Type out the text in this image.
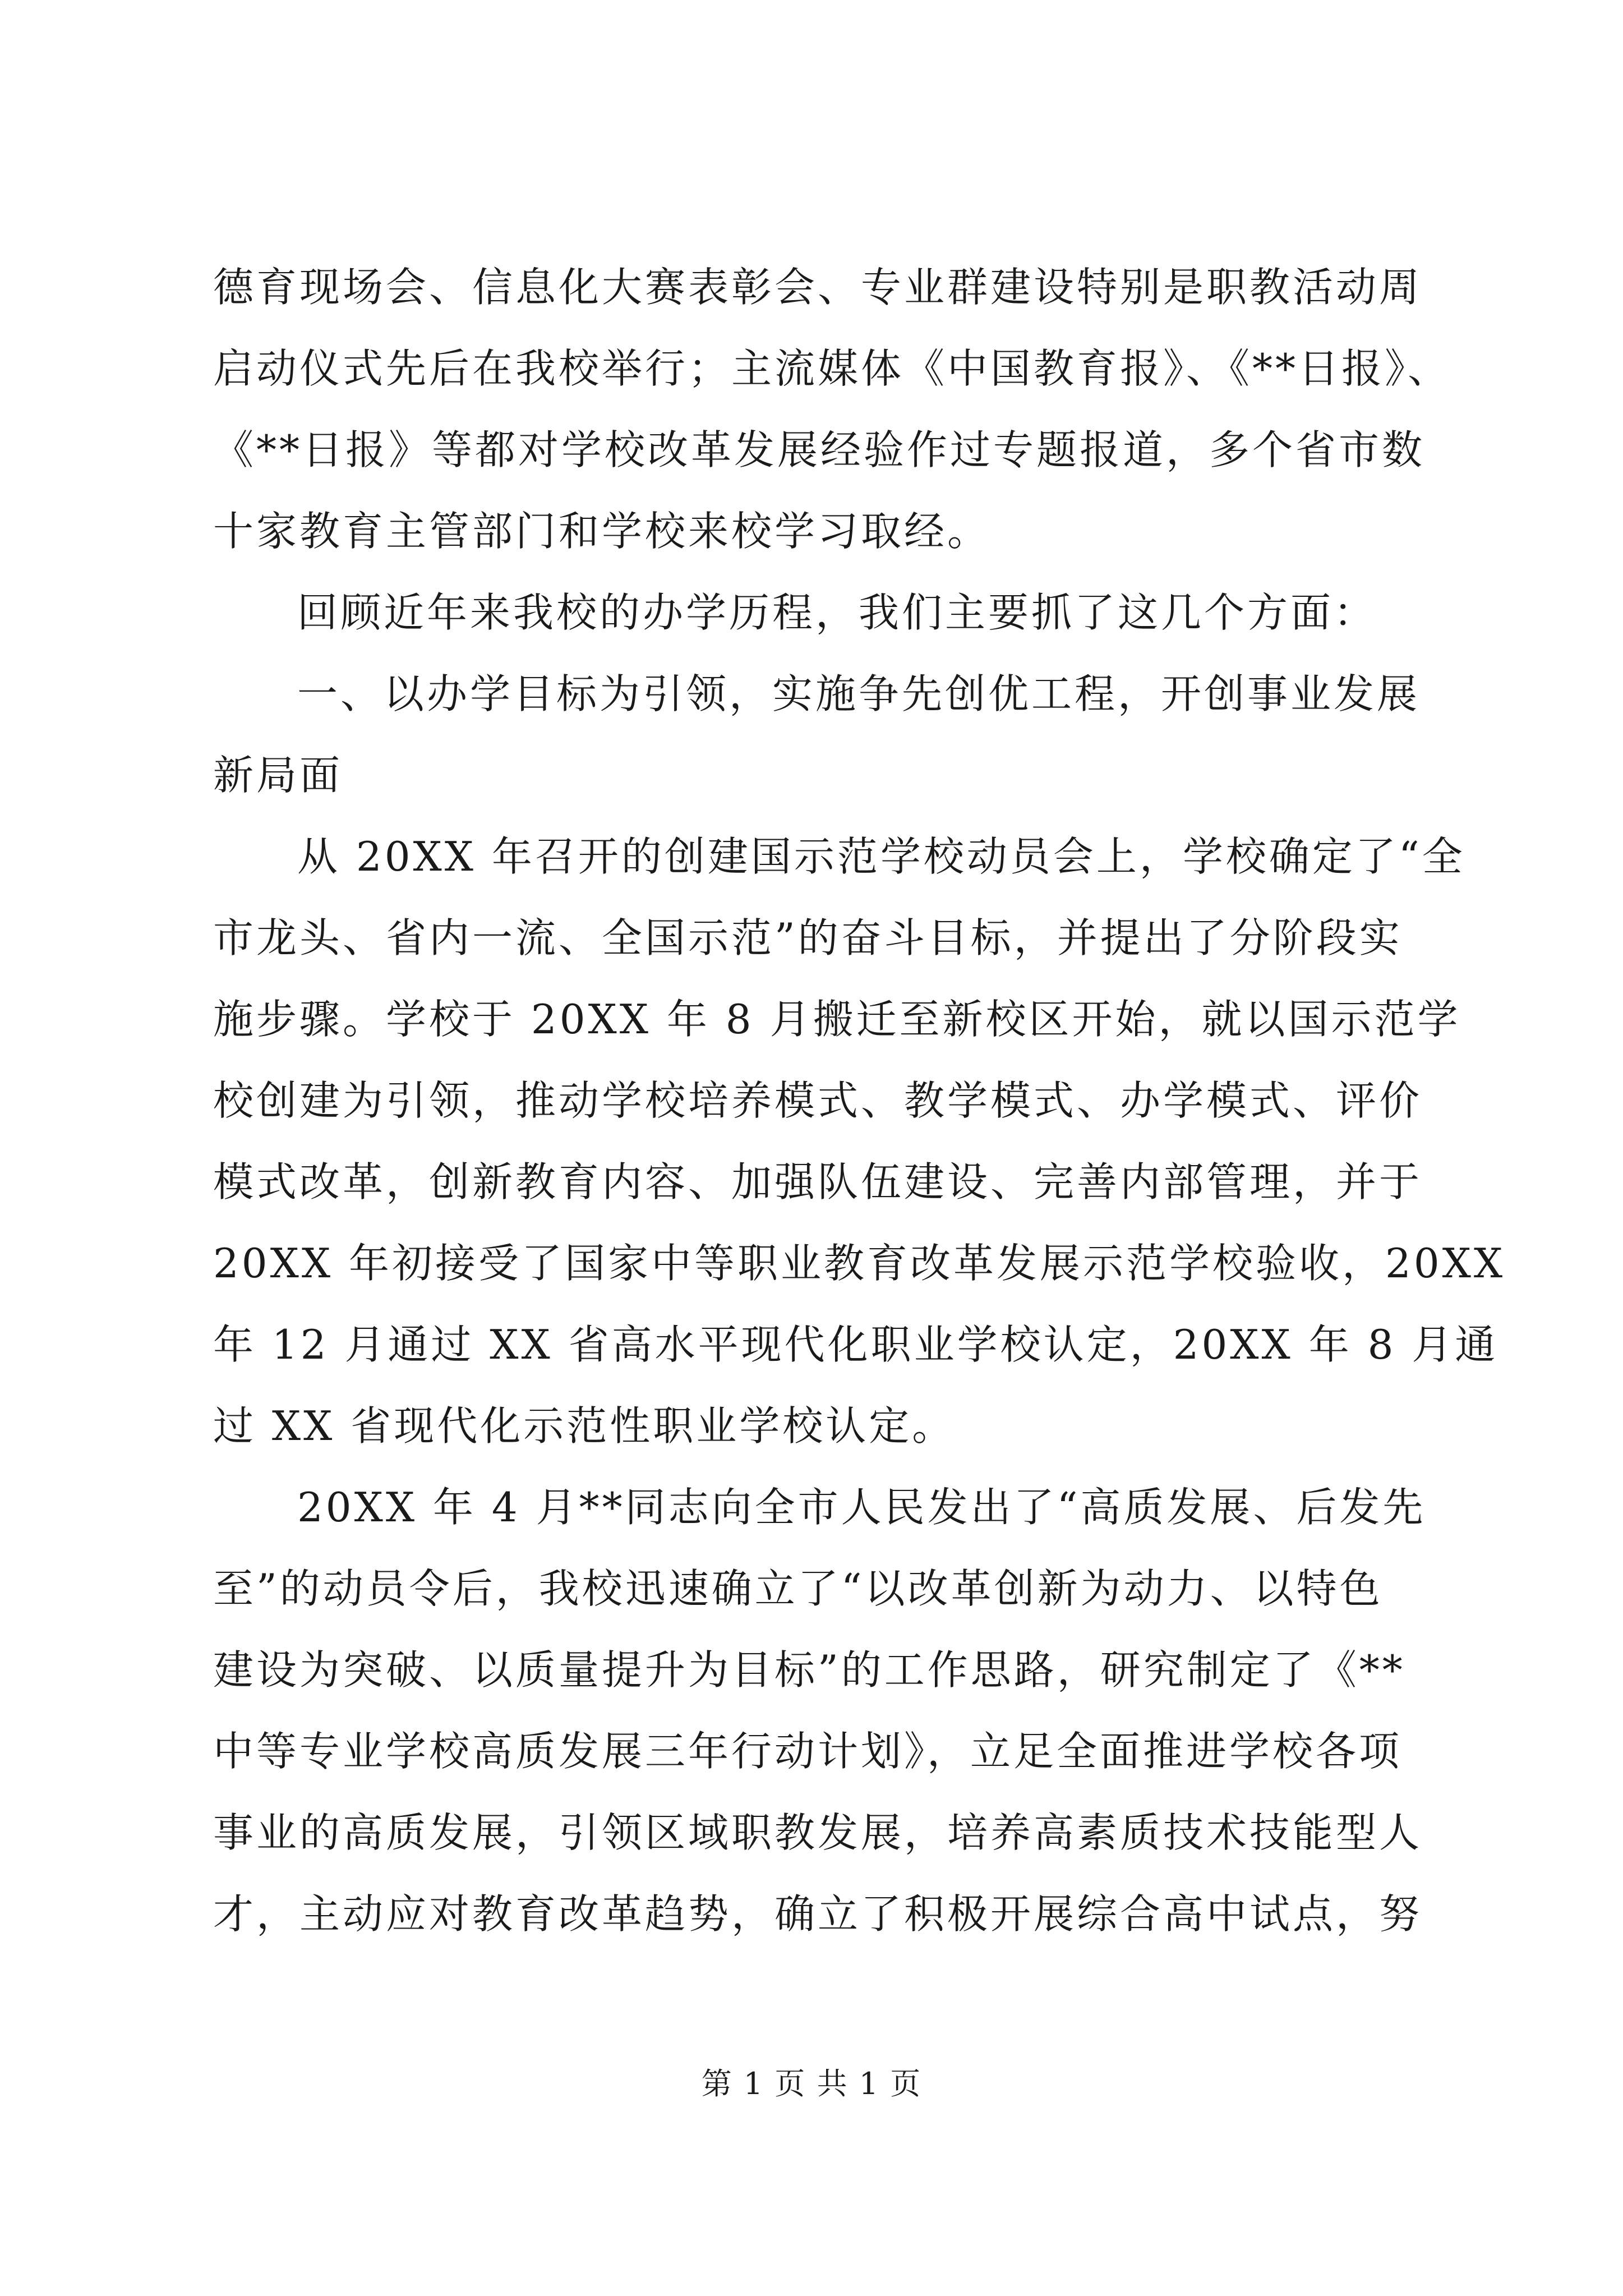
德育现场会、信息化大赛表彰会、专业群建设特别是职教活动周
启动仪式先后在我校举行；主流媒体《中国教育报》、《**日报》、
《**日报》等都对学校改革发展经验作过专题报道，多个省市数
十家教育主管部门和学校来校学习取经。
回顾近年来我校的办学历程，我们主要抓了这几个方面：
一、以办学目标为引领，实施争先创优工程，开创事业发展
新局面
从 20XX 年召开的创建国示范学校动员会上，学校确定了“全
市龙头、省内一流、全国示范”的奋斗目标，并提出了分阶段实
施步骤。学校于 20XX 年 8 月搬迁至新校区开始，就以国示范学
校创建为引领，推动学校培养模式、教学模式、办学模式、评价
模式改革，创新教育内容、加强队伍建设、完善内部管理，并于
20XX 年初接受了国家中等职业教育改革发展示范学校验收，20XX
年 12 月通过 XX 省高水平现代化职业学校认定，20XX 年 8 月通
过 XX 省现代化示范性职业学校认定。
20XX 年 4 月**同志向全市人民发出了“高质发展、后发先
至”的动员令后，我校迅速确立了“以改革创新为动力、以特色
建设为突破、以质量提升为目标”的工作思路，研究制定了《**
中等专业学校高质发展三年行动计划》，立足全面推进学校各项
事业的高质发展，引领区域职教发展，培养高素质技术技能型人
才，主动应对教育改革趋势，确立了积极开展综合高中试点，努
第 1 页 共 1 页
